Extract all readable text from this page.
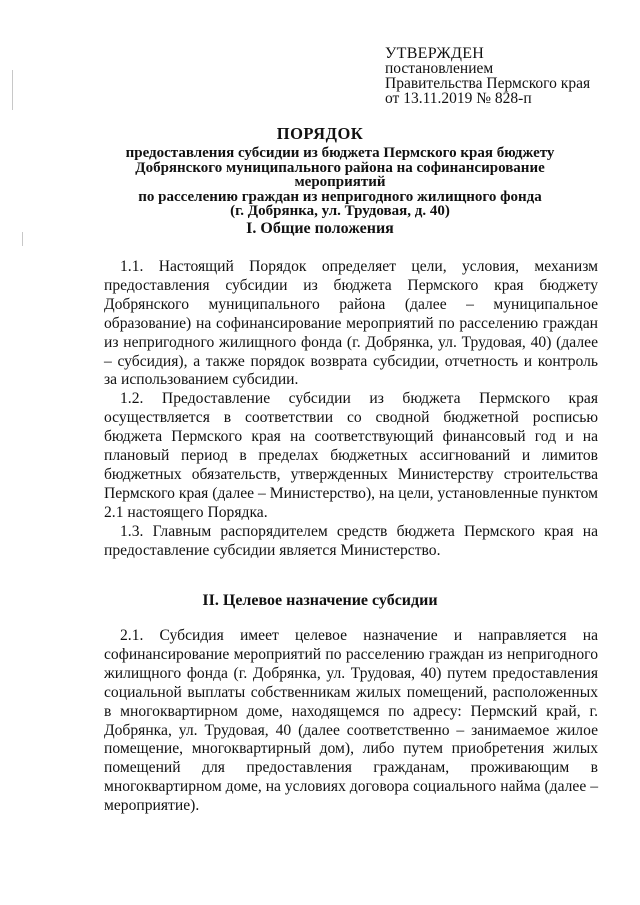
УТВЕРЖДЕН
постановлением
Правительства Пермского края
от 13.11.2019 № 828-п
ПОРЯДОК
предоставления субсидии из бюджета Пермского края бюджету
Добрянского муниципального района на софинансирование мероприятий
по расселению граждан из непригодного жилищного фонда
(г. Добрянка, ул. Трудовая, д. 40)
I. Общие положения

1.1. Настоящий Порядок определяет цели, условия, механизм предоставления субсидии из бюджета Пермского края бюджету Добрянского муниципального района (далее – муниципальное образование) на софинансирование мероприятий по расселению граждан из непригодного жилищного фонда (г. Добрянка, ул. Трудовая, 40) (далее – субсидия), а также порядок возврата субсидии, отчетность и контроль за использованием субсидии.

1.2. Предоставление субсидии из бюджета Пермского края осуществляется в соответствии со сводной бюджетной росписью бюджета Пермского края на соответствующий финансовый год и на плановый период в пределах бюджетных ассигнований и лимитов бюджетных обязательств, утвержденных Министерству строительства Пермского края (далее – Министерство), на цели, установленные пунктом 2.1 настоящего Порядка.

1.3. Главным распорядителем средств бюджета Пермского края на предоставление субсидии является Министерство.

II. Целевое назначение субсидии

2.1. Субсидия имеет целевое назначение и направляется на софинансирование мероприятий по расселению граждан из непригодного жилищного фонда (г. Добрянка, ул. Трудовая, 40) путем предоставления социальной выплаты собственникам жилых помещений, расположенных в многоквартирном доме, находящемся по адресу: Пермский край, г. Добрянка, ул. Трудовая, 40 (далее соответственно – занимаемое жилое помещение, многоквартирный дом), либо путем приобретения жилых помещений для предоставления гражданам, проживающим в многоквартирном доме, на условиях договора социального найма (далее – мероприятие).
